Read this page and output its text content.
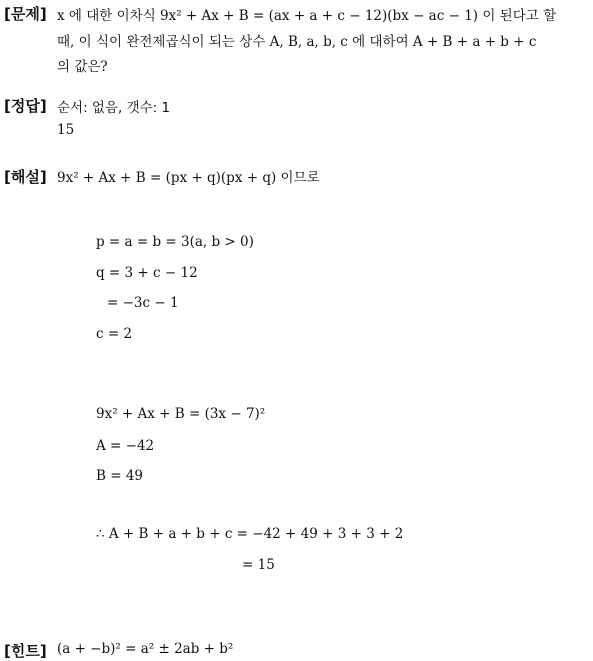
[문제]
[정답]
[해설]
[힌트]
x 에 대한 이차식 9x² + Ax + B = (ax + a + c − 12)(bx − ac − 1) 이 된다고 할
때, 이 식이 완전제곱식이 되는 상수 A, B, a, b, c 에 대하여 A + B + a + b + c
의 값은?
순서: 없음, 갯수: 1
15
9x² + Ax + B = (px + q)(px + q) 이므로
p = a = b = 3(a, b > 0)
q = 3 + c − 12
= −3c − 1
c = 2
9x² + Ax + B = (3x − 7)²
A = −42
B = 49
∴ A + B + a + b + c = −42 + 49 + 3 + 3 + 2
= 15
(a + −b)² = a² ± 2ab + b²
